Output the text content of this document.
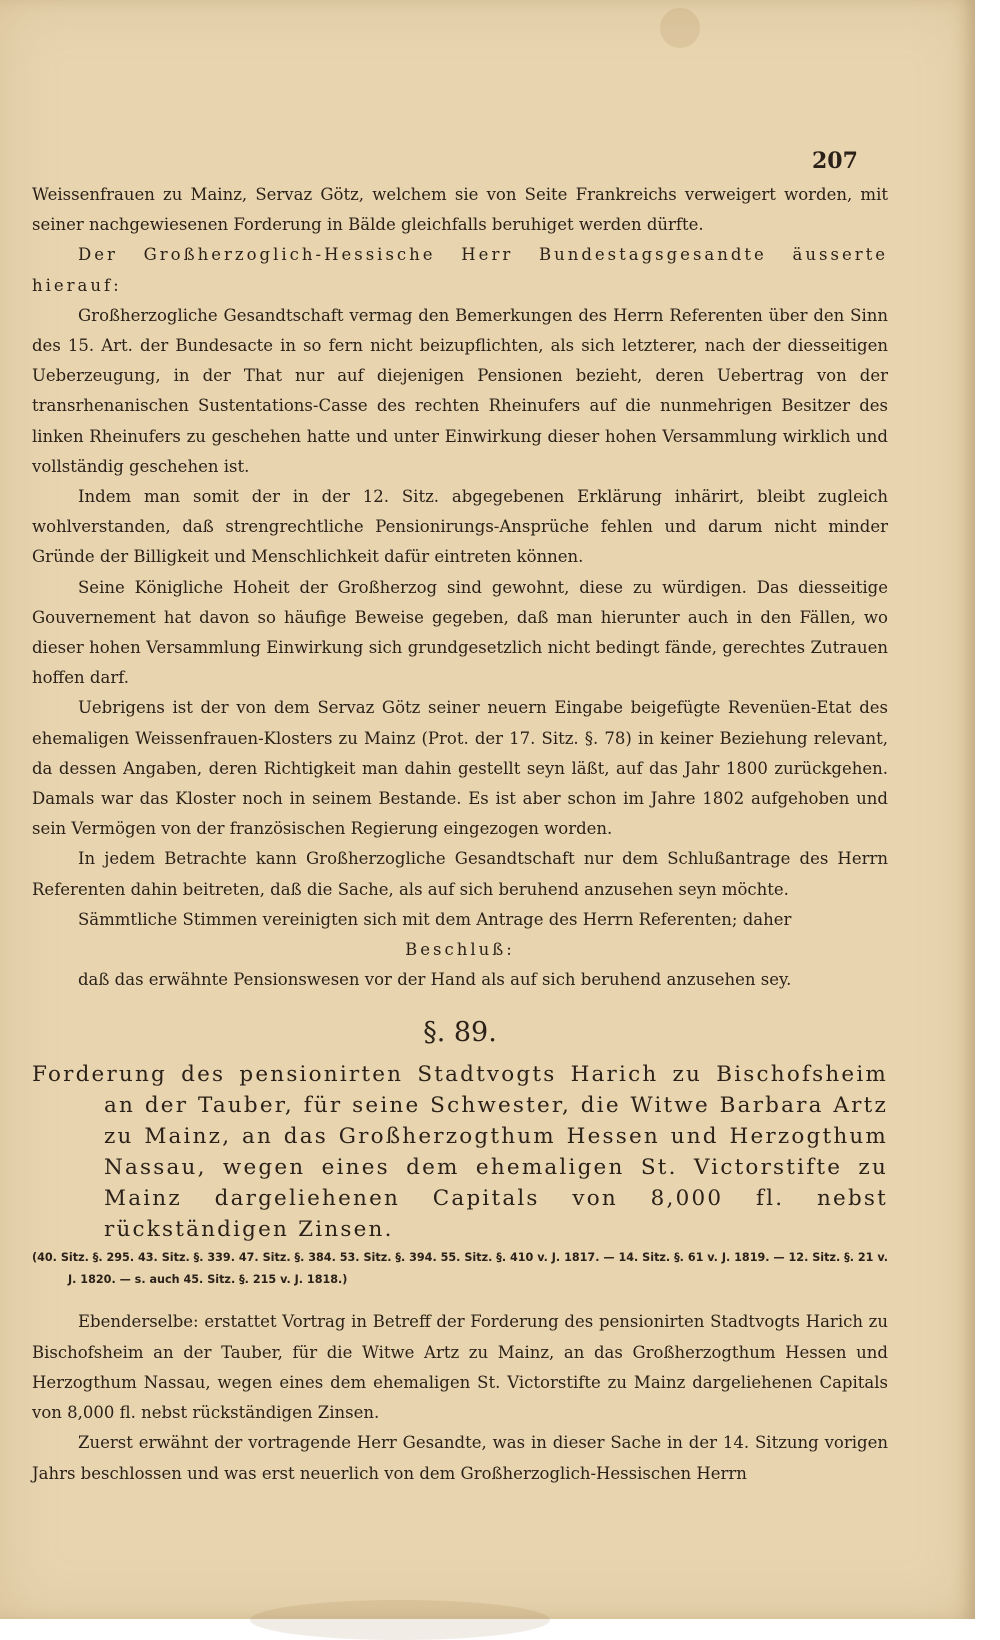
207

Weissenfrauen zu Mainz, Servaz Götz, welchem sie von Seite Frankreichs verweigert worden, mit seiner nachgewiesenen Forderung in Bälde gleichfalls beruhiget werden dürfte.

Der Großherzoglich-Hessische Herr Bundestagsgesandte äusserte hierauf:

Großherzogliche Gesandtschaft vermag den Bemerkungen des Herrn Referenten über den Sinn des 15. Art. der Bundesacte in so fern nicht beizupflichten, als sich letzterer, nach der diesseitigen Ueberzeugung, in der That nur auf diejenigen Pensionen bezieht, deren Uebertrag von der transrhenanischen Sustentations-Casse des rechten Rheinufers auf die nunmehrigen Besitzer des linken Rheinufers zu geschehen hatte und unter Einwirkung dieser hohen Versammlung wirklich und vollständig geschehen ist.

Indem man somit der in der 12. Sitz. abgegebenen Erklärung inhärirt, bleibt zugleich wohlverstanden, daß strengrechtliche Pensionirungs-Ansprüche fehlen und darum nicht minder Gründe der Billigkeit und Menschlichkeit dafür eintreten können.

Seine Königliche Hoheit der Großherzog sind gewohnt, diese zu würdigen. Das diesseitige Gouvernement hat davon so häufige Beweise gegeben, daß man hierunter auch in den Fällen, wo dieser hohen Versammlung Einwirkung sich grundgesetzlich nicht bedingt fände, gerechtes Zutrauen hoffen darf.

Uebrigens ist der von dem Servaz Götz seiner neuern Eingabe beigefügte Revenüen-Etat des ehemaligen Weissenfrauen-Klosters zu Mainz (Prot. der 17. Sitz. §. 78) in keiner Beziehung relevant, da dessen Angaben, deren Richtigkeit man dahin gestellt seyn läßt, auf das Jahr 1800 zurückgehen. Damals war das Kloster noch in seinem Bestande. Es ist aber schon im Jahre 1802 aufgehoben und sein Vermögen von der französischen Regierung eingezogen worden.

In jedem Betrachte kann Großherzogliche Gesandtschaft nur dem Schlußantrage des Herrn Referenten dahin beitreten, daß die Sache, als auf sich beruhend anzusehen seyn möchte.

Sämmtliche Stimmen vereinigten sich mit dem Antrage des Herrn Referenten; daher

Beschluß:

daß das erwähnte Pensionswesen vor der Hand als auf sich beruhend anzusehen sey.

§. 89.

Forderung des pensionirten Stadtvogts Harich zu Bischofsheim an der Tauber, für seine Schwester, die Witwe Barbara Artz zu Mainz, an das Großherzogthum Hessen und Herzogthum Nassau, wegen eines dem ehemaligen St. Victorstifte zu Mainz dargeliehenen Capitals von 8,000 fl. nebst rückständigen Zinsen.

(40. Sitz. §. 295. 43. Sitz. §. 339. 47. Sitz. §. 384. 53. Sitz. §. 394. 55. Sitz. §. 410 v. J. 1817. — 14. Sitz. §. 61 v. J. 1819. — 12. Sitz. §. 21 v. J. 1820. — s. auch 45. Sitz. §. 215 v. J. 1818.)

Ebenderselbe: erstattet Vortrag in Betreff der Forderung des pensionirten Stadtvogts Harich zu Bischofsheim an der Tauber, für die Witwe Artz zu Mainz, an das Großherzogthum Hessen und Herzogthum Nassau, wegen eines dem ehemaligen St. Victorstifte zu Mainz dargeliehenen Capitals von 8,000 fl. nebst rückständigen Zinsen.

Zuerst erwähnt der vortragende Herr Gesandte, was in dieser Sache in der 14. Sitzung vorigen Jahrs beschlossen und was erst neuerlich von dem Großherzoglich-Hessischen Herrn
